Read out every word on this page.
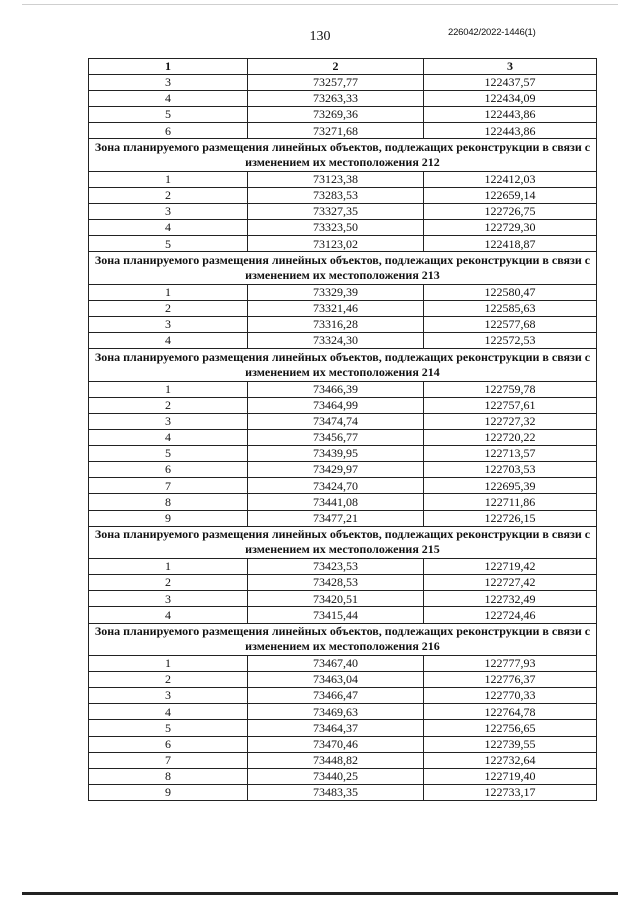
130	226042/2022-1446(1)
1	2	3
3	73257,77	122437,57
4	73263,33	122434,09
5	73269,36	122443,86
6	73271,68	122443,86
Зона планируемого размещения линейных объектов, подлежащих реконструкции в связи с изменением их местоположения 212		
1	73123,38	122412,03
2	73283,53	122659,14
3	73327,35	122726,75
4	73323,50	122729,30
5	73123,02	122418,87
Зона планируемого размещения линейных объектов, подлежащих реконструкции в связи с изменением их местоположения 213		
1	73329,39	122580,47
2	73321,46	122585,63
3	73316,28	122577,68
4	73324,30	122572,53
Зона планируемого размещения линейных объектов, подлежащих реконструкции в связи с изменением их местоположения 214		
1	73466,39	122759,78
2	73464,99	122757,61
3	73474,74	122727,32
4	73456,77	122720,22
5	73439,95	122713,57
6	73429,97	122703,53
7	73424,70	122695,39
8	73441,08	122711,86
9	73477,21	122726,15
Зона планируемого размещения линейных объектов, подлежащих реконструкции в связи с изменением их местоположения 215		
1	73423,53	122719,42
2	73428,53	122727,42
3	73420,51	122732,49
4	73415,44	122724,46
Зона планируемого размещения линейных объектов, подлежащих реконструкции в связи с изменением их местоположения 216		
1	73467,40	122777,93
2	73463,04	122776,37
3	73466,47	122770,33
4	73469,63	122764,78
5	73464,37	122756,65
6	73470,46	122739,55
7	73448,82	122732,64
8	73440,25	122719,40
9	73483,35	122733,17
